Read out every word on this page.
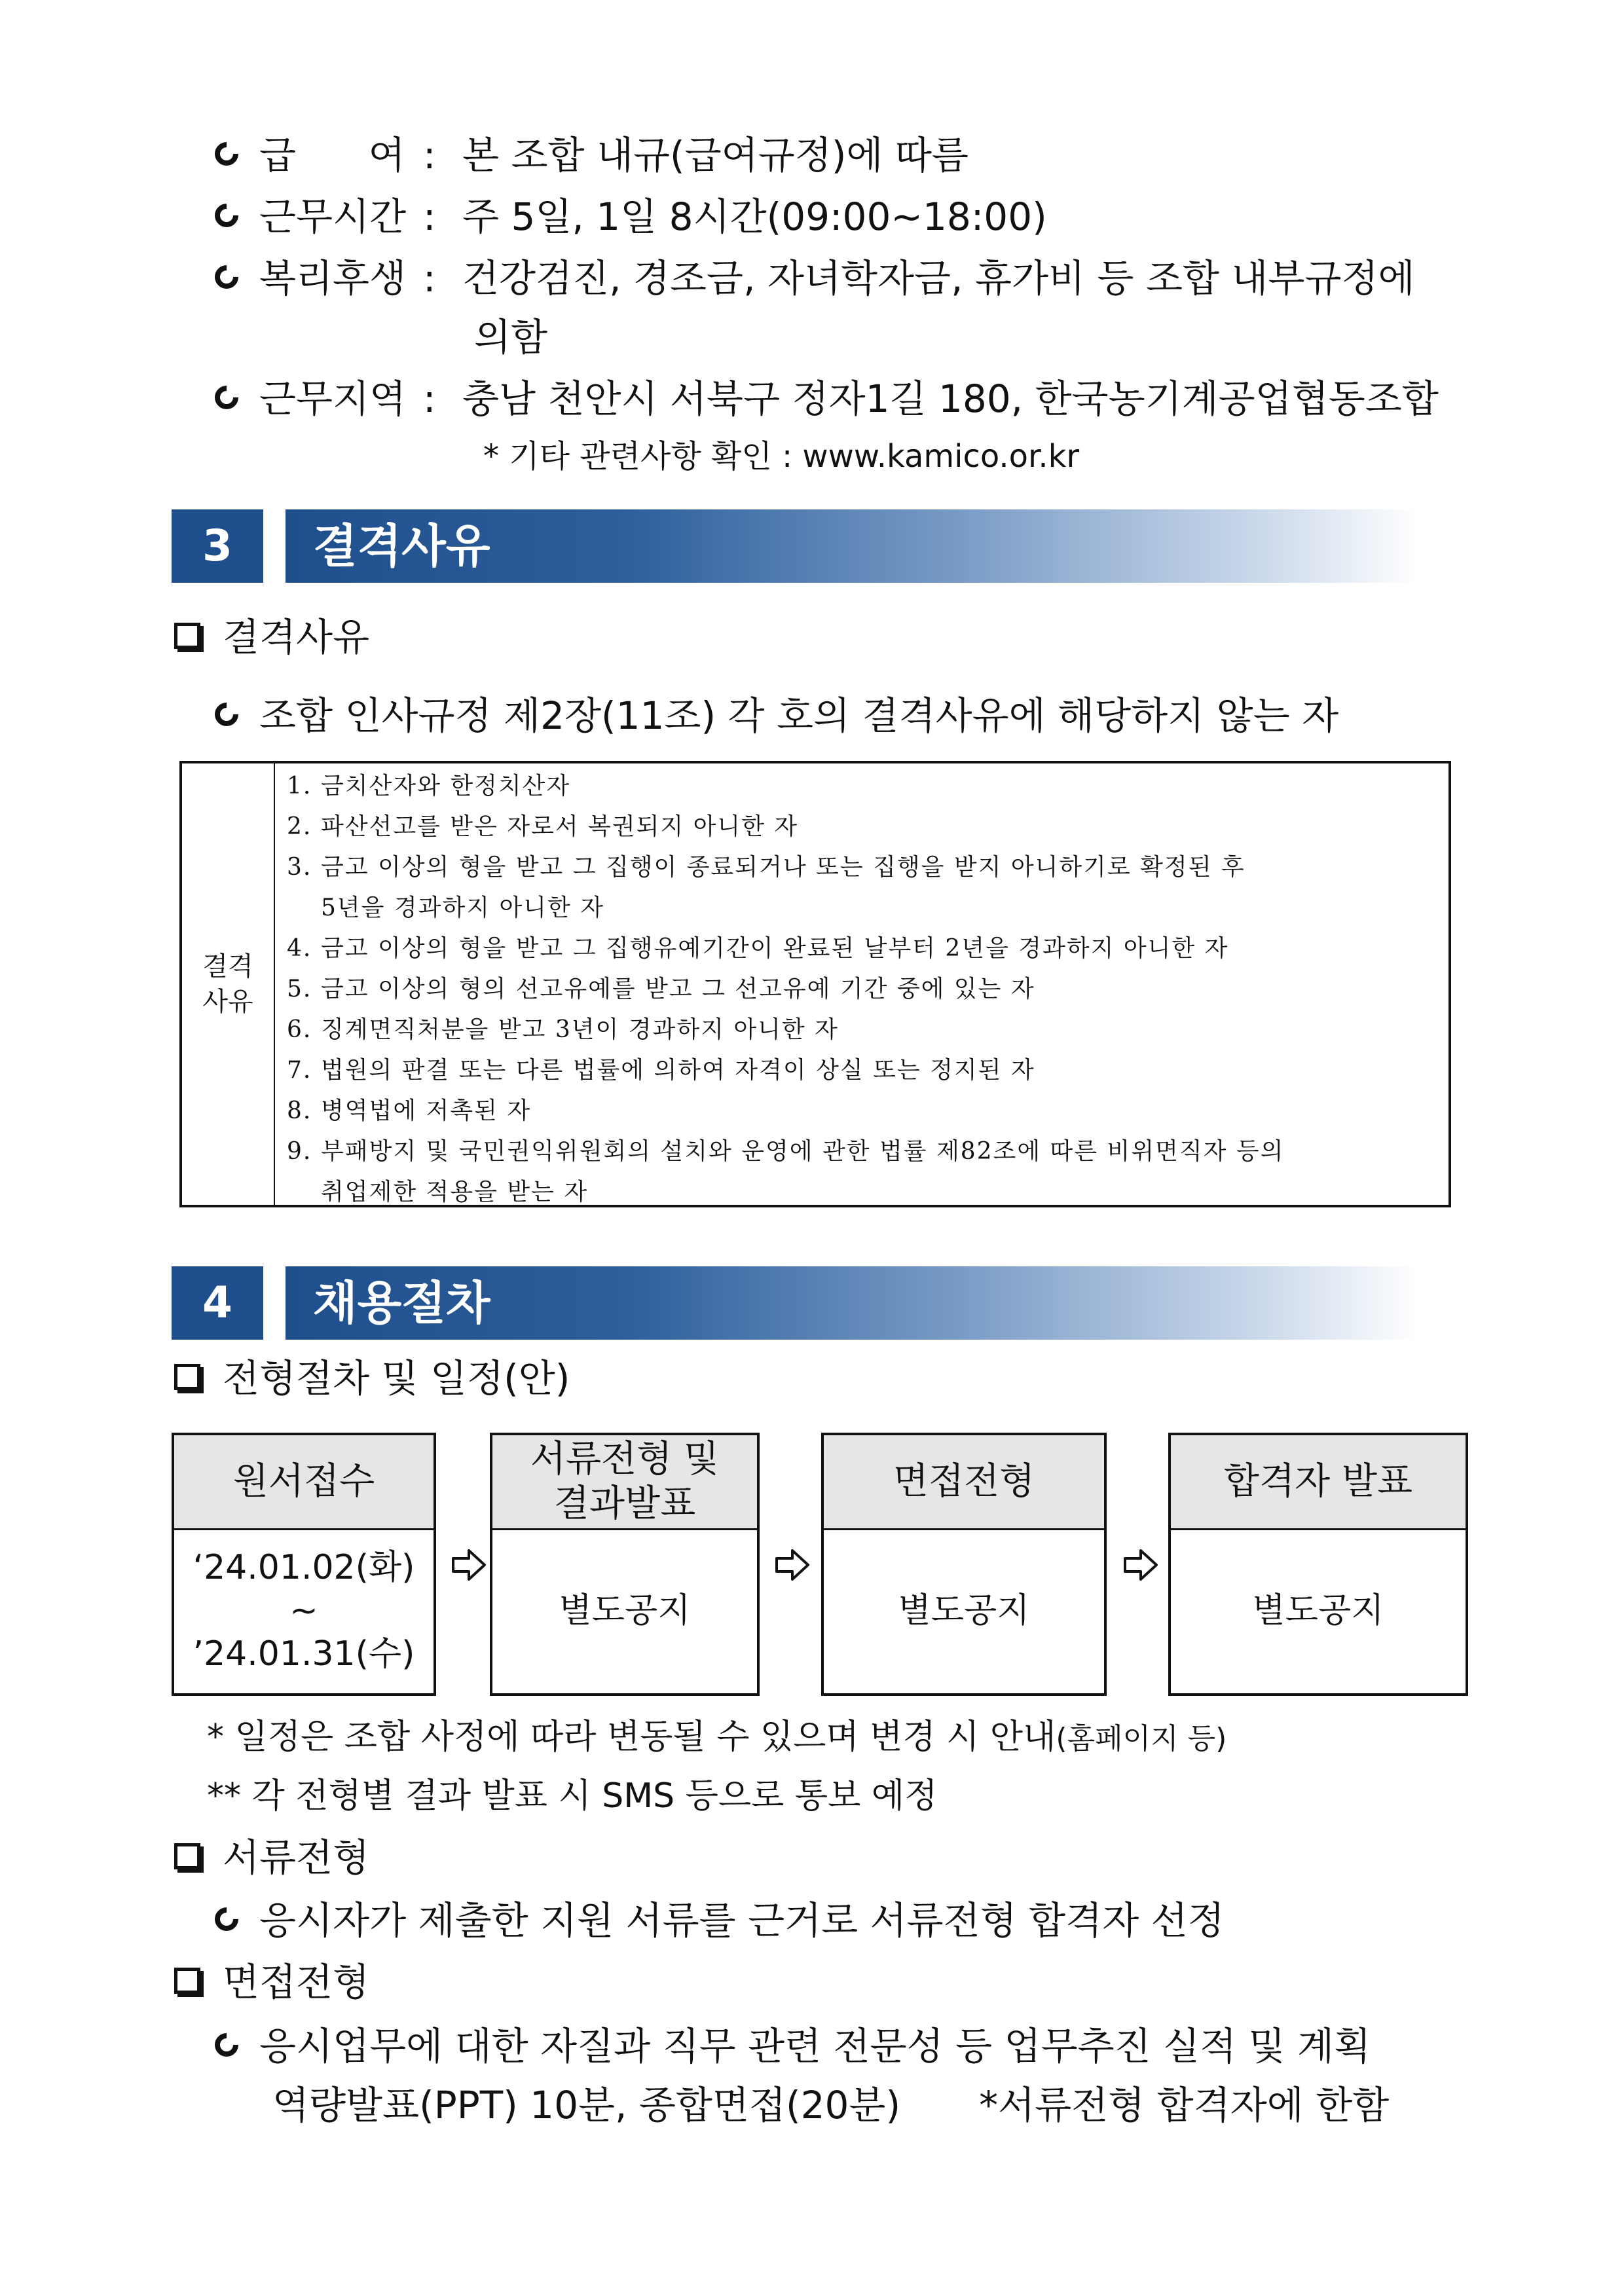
급      여 : 본 조합 내규(급여규정)에 따름
근무시간 : 주 5일, 1일 8시간(09:00~18:00)
복리후생 : 건강검진, 경조금, 자녀학자금, 휴가비 등 조합 내부규정에
의함
근무지역 : 충남 천안시 서북구 정자1길 180, 한국농기계공업협동조합
* 기타 관련사항 확인 : www.kamico.or.kr
3	결격사유
결격사유
조합 인사규정 제2장(11조) 각 호의 결격사유에 해당하지 않는 자
결격
사유
1. 금치산자와 한정치산자
2. 파산선고를 받은 자로서 복권되지 아니한 자
3. 금고 이상의 형을 받고 그 집행이 종료되거나 또는 집행을 받지 아니하기로 확정된 후
5년을 경과하지 아니한 자
4. 금고 이상의 형을 받고 그 집행유예기간이 완료된 날부터 2년을 경과하지 아니한 자
5. 금고 이상의 형의 선고유예를 받고 그 선고유예 기간 중에 있는 자
6. 징계면직처분을 받고 3년이 경과하지 아니한 자
7. 법원의 판결 또는 다른 법률에 의하여 자격이 상실 또는 정지된 자
8. 병역법에 저촉된 자
9. 부패방지 및 국민권익위원회의 설치와 운영에 관한 법률 제82조에 따른 비위면직자 등의
취업제한 적용을 받는 자
4	채용절차
전형절차 및 일정(안)
원서접수
‘24.01.02(화)
~
’24.01.31(수)
서류전형 및
결과발표
별도공지
면접전형
별도공지
합격자 발표
별도공지
* 일정은 조합 사정에 따라 변동될 수 있으며 변경 시 안내(홈페이지 등)
** 각 전형별 결과 발표 시 SMS 등으로 통보 예정
서류전형
응시자가 제출한 지원 서류를 근거로 서류전형 합격자 선정
면접전형
응시업무에 대한 자질과 직무 관련 전문성 등 업무추진 실적 및 계획
역량발표(PPT) 10분, 종합면접(20분) *서류전형 합격자에 한함
